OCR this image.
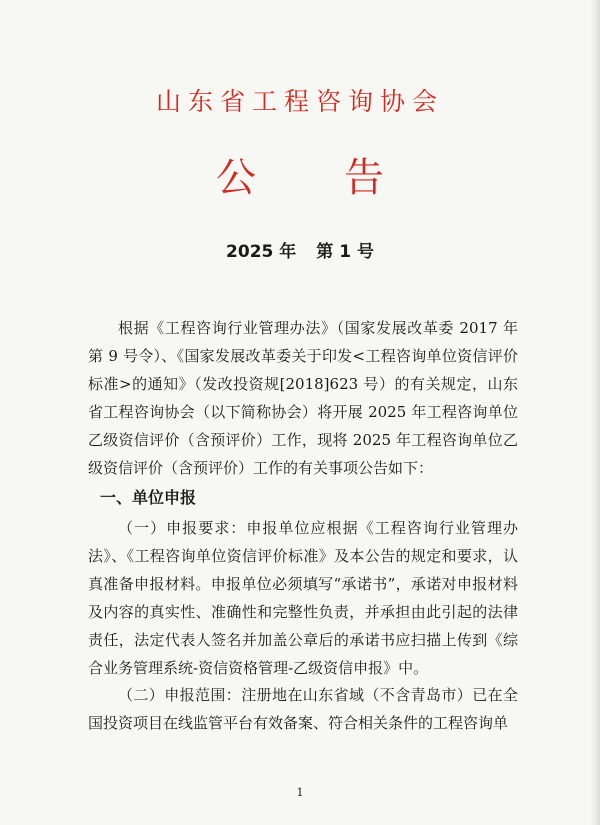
山东省工程咨询协会
公 告
2025 年 第 1 号
根据《工程咨询行业管理办法》（国家发展改革委 2017 年第 9 号令）、《国家发展改革委关于印发<工程咨询单位资信评价标准>的通知》（发改投资规[2018]623 号）的有关规定，山东省工程咨询协会（以下简称协会）将开展 2025 年工程咨询单位乙级资信评价（含预评价）工作，现将 2025 年工程咨询单位乙级资信评价（含预评价）工作的有关事项公告如下：
一、单位申报
（一）申报要求：申报单位应根据《工程咨询行业管理办法》、《工程咨询单位资信评价标准》及本公告的规定和要求，认真准备申报材料。申报单位必须填写“承诺书”，承诺对申报材料及内容的真实性、准确性和完整性负责，并承担由此引起的法律责任，法定代表人签名并加盖公章后的承诺书应扫描上传到《综合业务管理系统-资信资格管理-乙级资信申报》中。
（二）申报范围：注册地在山东省域（不含青岛市）已在全国投资项目在线监管平台有效备案、符合相关条件的工程咨询单
1
